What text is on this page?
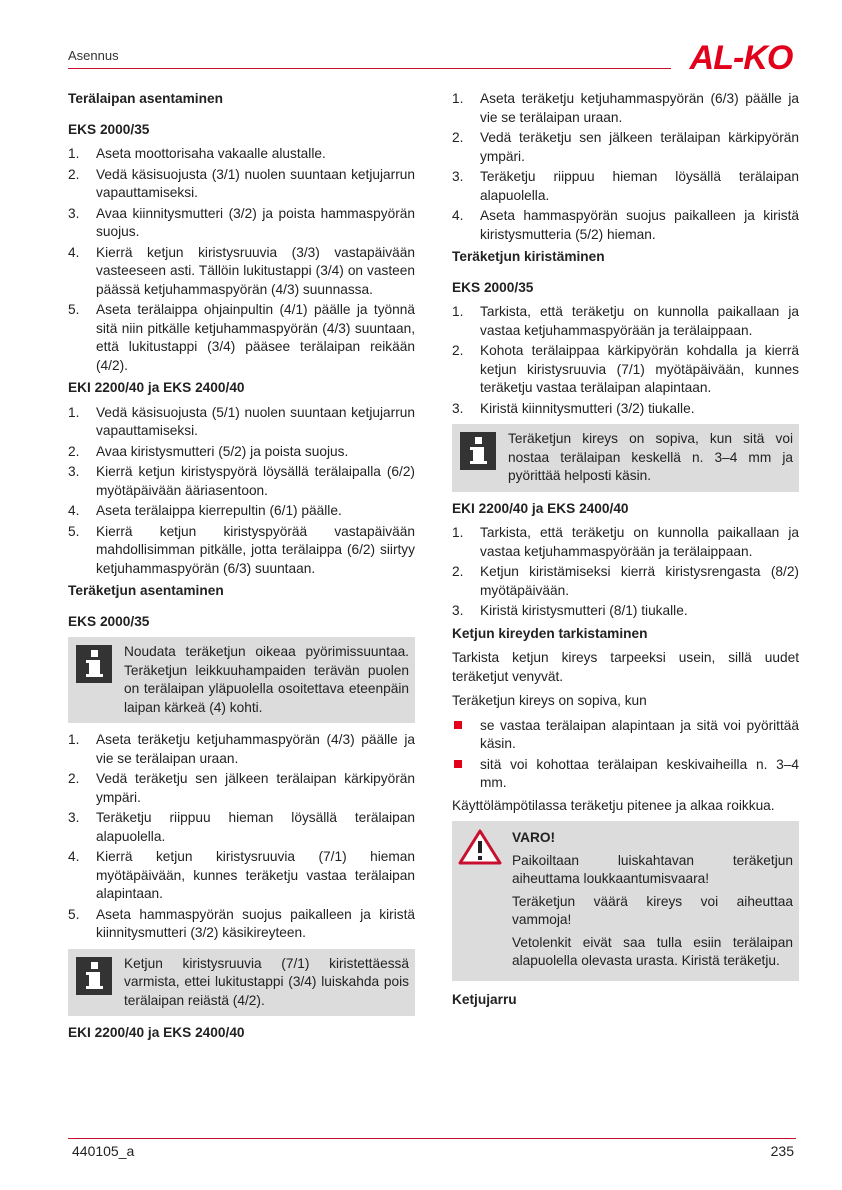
Asennus	AL-KO
Terälaipan asentaminen
EKS 2000/35
1. Aseta moottorisaha vakaalle alustalle.
2. Vedä käsisuojusta (3/1) nuolen suuntaan ketjujarrun vapauttamiseksi.
3. Avaa kiinnitysmutteri (3/2) ja poista hammaspyörän suojus.
4. Kierrä ketjun kiristysruuvia (3/3) vastapäivään vasteeseen asti. Tällöin lukitustappi (3/4) on vasteen päässä ketjuhammaspyörän (4/3) suunnassa.
5. Aseta terälaippa ohjainpultin (4/1) päälle ja työnnä sitä niin pitkälle ketjuhammaspyörän (4/3) suuntaan, että lukitustappi (3/4) pääsee terälaipan reikään (4/2).
EKI 2200/40 ja EKS 2400/40
1. Vedä käsisuojusta (5/1) nuolen suuntaan ketjujarrun vapauttamiseksi.
2. Avaa kiristysmutteri (5/2) ja poista suojus.
3. Kierrä ketjun kiristyspyörä löysällä terälaipalla (6/2) myötäpäivään ääriasentoon.
4. Aseta terälaippa kierrepultin (6/1) päälle.
5. Kierrä ketjun kiristyspyörää vastapäivään mahdollisimman pitkälle, jotta terälaippa (6/2) siirtyy ketjuhammaspyörän (6/3) suuntaan.
Teräketjun asentaminen
EKS 2000/35
Noudata teräketjun oikeaa pyörimissuuntaa. Teräketjun leikkuuhampaiden terävän puolen on terälaipan yläpuolella osoitettava eteenpäin laipan kärkeä (4) kohti.
1. Aseta teräketju ketjuhammaspyörän (4/3) päälle ja vie se terälaipan uraan.
2. Vedä teräketju sen jälkeen terälaipan kärkipyörän ympäri.
3. Teräketju riippuu hieman löysällä terälaipan alapuolella.
4. Kierrä ketjun kiristysruuvia (7/1) hieman myötäpäivään, kunnes teräketju vastaa terälaipan alapintaan.
5. Aseta hammaspyörän suojus paikalleen ja kiristä kiinnitysmutteri (3/2) käsikireyteen.
Ketjun kiristysruuvia (7/1) kiristettäessä varmista, ettei lukitustappi (3/4) luiskahda pois terälaipan reiästä (4/2).
EKI 2200/40 ja EKS 2400/40
1. Aseta teräketju ketjuhammaspyörän (6/3) päälle ja vie se terälaipan uraan.
2. Vedä teräketju sen jälkeen terälaipan kärkipyörän ympäri.
3. Teräketju riippuu hieman löysällä terälaipan alapuolella.
4. Aseta hammaspyörän suojus paikalleen ja kiristä kiristysmutteria (5/2) hieman.
Teräketjun kiristäminen
EKS 2000/35
1. Tarkista, että teräketju on kunnolla paikallaan ja vastaa ketjuhammaspyörään ja terälaippaan.
2. Kohota terälaippaa kärkipyörän kohdalla ja kierrä ketjun kiristysruuvia (7/1) myötäpäivään, kunnes teräketju vastaa terälaipan alapintaan.
3. Kiristä kiinnitysmutteri (3/2) tiukalle.
Teräketjun kireys on sopiva, kun sitä voi nostaa terälaipan keskellä n. 3–4 mm ja pyörittää helposti käsin.
EKI 2200/40 ja EKS 2400/40
1. Tarkista, että teräketju on kunnolla paikallaan ja vastaa ketjuhammaspyörään ja terälaippaan.
2. Ketjun kiristämiseksi kierrä kiristysrengasta (8/2) myötäpäivään.
3. Kiristä kiristysmutteri (8/1) tiukalle.
Ketjun kireyden tarkistaminen

Tarkista ketjun kireys tarpeeksi usein, sillä uudet teräketjut venyvät.

Teräketjun kireys on sopiva, kun

se vastaa terälaipan alapintaan ja sitä voi pyörittää käsin.
sitä voi kohottaa terälaipan keskivaiheilla n. 3–4 mm.

Käyttölämpötilassa teräketju pitenee ja alkaa roikkua.

VARO!

Paikoiltaan luiskahtavan teräketjun aiheuttama loukkaantumisvaara!

Teräketjun väärä kireys voi aiheuttaa vammoja!

Vetolenkit eivät saa tulla esiin terälaipan alapuolella olevasta urasta. Kiristä teräketju.

Ketjujarru
440105_a	235
